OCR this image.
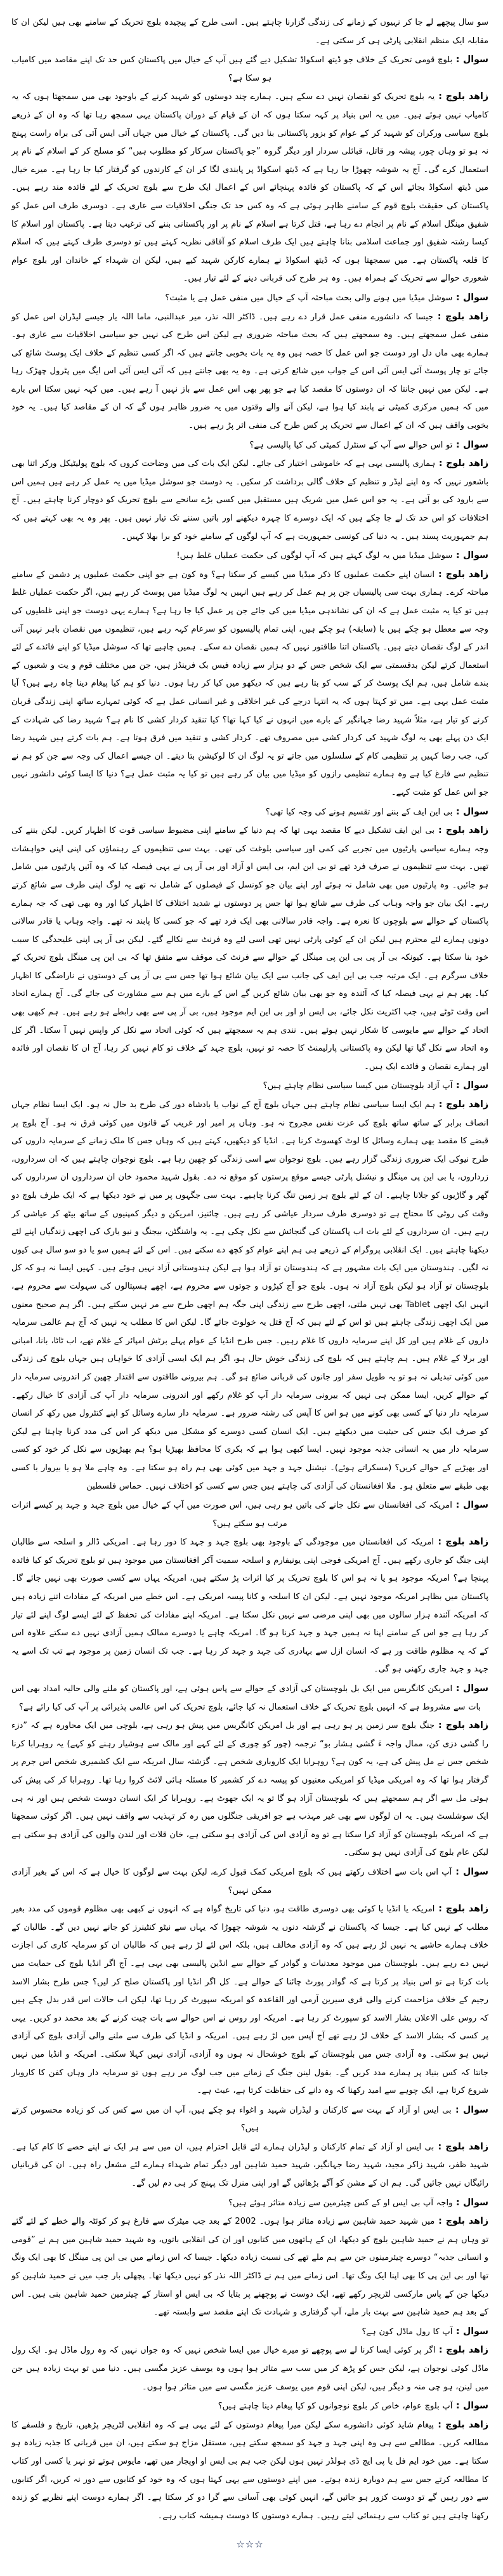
سو سال پیچھے لے جا کر نہیوں کے زمانے کی زندگی گزارنا چاہتے ہیں۔ اسی طرح کے پیچیدہ بلوچ تحریک کے سامنے بھی ہیں لیکن ان کا مقابلہ ایک منظم انقلابی پارٹی ہی کر سکتی ہے۔

سوال : بلوچ قومی تحریک کے خلاف جو ڈیتھ اسکواڈ تشکیل دیے گئے ہیں آپ کے خیال میں پاکستان کس حد تک اپنے مقاصد میں کامیاب ہو سکا ہے؟

زاھد بلوچ : یہ بلوچ تحریک کو نقصان نہیں دے سکے ہیں۔ ہمارے چند دوستوں کو شہید کرنے کے باوجود بھی میں سمجھتا ہوں کہ یہ کامیاب نہیں ہوئے ہیں۔ میں یہ اس بنیاد پر کہہ سکتا ہوں کہ ان کے قیام کے دوران پاکستان یہی سمجھ رہا تھا کہ وہ ان کے ذریعے بلوچ سیاسی ورکران کو شہید کر کے عوام کو بزور پاکستانی بنا دیں گی۔ پاکستان کے خیال میں جہاں آئی ایس آئی کی براہ راست پہنچ نہ ہو تو وہاں چور، پیشہ ور قاتل، قبائلی سردار اور دیگر گروہ ”جو پاکستان سرکار کو مطلوب ہیں“ کو مسلح کر کے اسلام کے نام پر استعمال کرے گی۔ آج یہ شوشہ چھوڑا جا رہا ہے کہ ڈیتھ اسکواڈ پر پابندی لگا کر ان کے کارندوں کو گرفتار کیا جا رہا ہے۔ میرے خیال میں ڈیتھ اسکواڈ بجائے اس کے کہ پاکستان کو فائدہ پہنچائے اس کے اعمال ایک طرح سے بلوچ تحریک کے لئے فائدہ مند رہے ہیں۔ پاکستان کی حقیقت بلوچ قوم کے سامنے ظاہر ہوئی ہے کہ وہ کس حد تک جنگی اخلاقیات سے عاری ہے۔ دوسری طرف اس عمل کو شفیق مینگل اسلام کے نام پر انجام دے رہا ہے، قتل کرتا ہے اسلام کے نام پر اور پاکستانی بننے کی ترغیب دیتا ہے۔ پاکستان اور اسلام کا کیسا رشتہ شفیق اور جماعت اسلامی بنانا چاہتے ہیں ایک طرف اسلام کو آفاقی نظریہ کہتے ہیں تو دوسری طرف کہتے ہیں کہ اسلام کا قلعہ پاکستان ہے۔ میں سمجھتا ہوں کہ ڈیتھ اسکواڈ نے ہمارے کارکن شہید کیے ہیں، لیکن ان شہداء کے خاندان اور بلوچ عوام شعوری حوالے سے تحریک کے ہمراہ ہیں۔ وہ ہر طرح کی قربانی دینے کے لئے تیار ہیں۔

سوال : سوشل میڈیا میں ہونے والی بحث مباحثہ آپ کے خیال میں منفی عمل ہے یا مثبت؟

زاھد بلوچ : جیسا کہ دانشورے منفی عمل قرار دے رہے ہیں۔ ڈاکٹر اللہ نذر، میر عبدالنبی، ماما اللہ یار جیسے لیڈران اس عمل کو منفی عمل سمجھتے ہیں۔ وہ سمجھتے ہیں کہ بحث مباحثہ ضروری ہے لیکن اس طرح کی نہیں جو سیاسی اخلاقیات سے عاری ہو۔ ہمارے بھی ماں دل اور دوست جو اس عمل کا حصہ ہیں وہ یہ بات بخوبی جانتے ہیں کہ اگر کسی تنظیم کے خلاف ایک پوسٹ شائع کی جائے تو چار پوسٹ آئی ایس آئی اس کے جواب میں شائع کرتی ہے۔ وہ یہ بھی جانتے ہیں کہ آئی ایس آئی اس ایگ میں پٹرول چھڑک رہا ہے۔ لیکن میں نہیں جانتا کہ ان دوستوں کا مقصد کیا ہے جو پھر بھی اس عمل سے باز نہیں آ رہے ہیں۔ میں کہہ نہیں سکتا اس بارے میں کہ ہمیں مرکزی کمیٹی نے پابند کیا ہوا ہے، لیکن آنے والے وقتوں میں یہ ضرور ظاہر ہوں گے کہ ان کے مقاصد کیا ہیں۔ یہ خود بخوبی واقف ہیں کہ ان کے اعمال سے تحریک پر کس طرح کی منفی اثر پڑ رہے ہیں۔

سوال : تو اس حوالے سے آپ کے سنٹرل کمیٹی کی کیا پالیسی ہے؟

زاھد بلوچ : ہماری پالیسی یہی ہے کہ خاموشی اختیار کی جائے۔ لیکن ایک بات کی میں وضاحت کروں کہ بلوچ پولیٹیکل ورکر اتنا بھی باشعور نہیں کہ وہ اپنے لیڈر و تنظیم کے خلاف گالی برداشت کر سکیں۔ یہ دوست جو سوشل میڈیا میں یہ عمل کر رہے ہیں ہمیں اس سے بارود کی بو آتی ہے۔ یہ جو اس عمل میں شریک ہیں مستقبل میں کسی بڑے سانحے سے بلوچ تحریک کو دوچار کرنا چاہتے ہیں۔ آج اختلافات کو اس حد تک لے جا چکے ہیں کہ ایک دوسرے کا چہرہ دیکھنے اور باتیں سننے تک تیار نہیں ہیں۔ پھر وہ یہ بھی کہتے ہیں کہ ہم جمہوریت پسند ہیں۔ یہ دنیا کی کونسی جمہوریت ہے کہ آپ لوگوں کے سامنے خود کو برا بھلا کہیں۔

سوال : سوشل میڈیا میں یہ لوگ کہتے ہیں کہ آپ لوگوں کی حکمت عملیاں غلط ہیں!

زاھد بلوچ : انسان اپنے حکمت عملیوں کا ذکر میڈیا میں کیسے کر سکتا ہے؟ وہ کون ہے جو اپنی حکمت عملیوں پر دشمن کے سامنے مباحثہ کرے۔ ہماری بہت سی پالیسیاں جن پر ہم عمل کر رہے ہیں انہیں یہ لوگ میڈیا میں پوسٹ کر رہے ہیں، اگر حکمت عملیاں غلط ہیں تو کیا یہ مثبت عمل ہے کہ ان کی نشاندہی میڈیا میں کی جائے جن پر عمل کیا جا رہا ہے؟ ہمارے یہی دوست جو اپنی غلطیوں کی وجہ سے معطل ہو چکے ہیں یا (سابقہ) ہو چکے ہیں، اپنی تمام پالیسیوں کو سرعام کہہ رہے ہیں، تنظیموں میں نقصان باہر نہیں آتی اندر کے لوگ نقصان دیتے ہیں۔ پاکستان اتنا طاقتور نہیں کہ ہمیں نقصان دے سکے۔ ہمیں چاہیے تھا کہ سوشل میڈیا کو اپنے فائدے کے لئے استعمال کرتے لیکن بدقسمتی سے ایک شخص جس کے دو ہزار سے زیادہ فیس بک فرینڈز ہیں، جن میں مختلف قوم و یت و شعبوں کے بندے شامل ہیں، ہم ایک پوسٹ کر کے سب کو بتا رہے ہیں کہ دیکھو میں کیا کر رہا ہوں۔ دنیا کو ہم کیا پیغام دینا چاہ رہے ہیں؟ آیا مثبت عمل یہی ہے۔ میں تو کہتا ہوں کہ یہ انتہا درجے کی غیر اخلاقی و غیر انسانی عمل ہے کہ کوئی تمہارے ساتھ اپنی زندگی قربان کرنے کو تیار ہے، مثلاً شہید رضا جہانگیر کے بارے میں انہوں نے کیا کہا تھا؟ کیا تنقید کردار کشی کا نام ہے؟ شہید رضا کی شہادت کے ایک دن پہلے بھی یہ لوگ شہید کی کردار کشی میں مصروف تھے۔ کردار کشی و تنقید میں فرق ہوتا ہے۔ ہم بات کرتے ہیں شہید رضا کی، جب رضا کہیں پر تنظیمی کام کے سلسلوں میں جاتے تو یہ لوگ ان کا لوکیشن بتا دیتے۔ ان جیسے اعمال کی وجہ سے جن کو ہم نے تنظیم سے فارغ کیا ہے وہ ہمارے تنظیمی رازوں کو میڈیا میں بیان کر رہے ہیں تو کیا یہ مثبت عمل ہے؟ دنیا کا ایسا کوئی دانشور نہیں جو اس عمل کو مثبت کہے۔

سوال : بی این ایف کے بننے اور تقسیم ہونے کی وجہ کیا تھی؟

زاھد بلوچ : بی این ایف تشکیل دیے کا مقصد یہی تھا کہ ہم دنیا کے سامنے اپنی مضبوط سیاسی قوت کا اظہار کریں۔ لیکن بننے کی وجہ ہمارے سیاسی پارٹیوں میں تجربے کی کمی اور سیاسی بلوغت کی تھی۔ بہت سی تنظیموں کے رہنماؤں کی اپنی اپنی خواہشات تھیں۔ بہت سے تنظیموں نے صرف فرد تھے تو بی این ایم، بی ایس او آزاد اور بی آر پی نے یہی فیصلہ کیا کہ وہ آئیں پارٹیوں میں شامل ہو جائیں۔ وہ پارٹیوں میں بھی شامل نہ ہوئے اور اپنے بیان جو کونسل کے فیصلوں کے شامل نہ تھے یہ لوگ اپنی طرف سے شائع کرتے رہے۔ ایک بیان جو واجہ وہاب کی طرف سے شائع ہوا تھا جس پر دوستوں نے شدید اختلاف کا اظہار کیا اور وہ بھی تھی کہ جہ ہمارے پاکستان کے حوالے سے بلوچوں کا نعرہ ہے۔ واجہ قادر سالانی بھی ایک فرد تھے کہ جو کسی کا پابند نہ تھے۔ واجہ وہاب یا قادر سالانی دونوں ہمارے لئے محترم ہیں لیکن ان کے کوئی پارٹی نہیں تھی اسی لئے وہ فرنٹ سے نکالے گئے۔ لیکن بی آر پی اپنی علیحدگی کا سبب خود بنا سکتا ہے۔ کیونکہ بی آر پی بی این پی مینگل کے حوالے سے فرنٹ کی موقف سے متفق تھا کہ بی این پی مینگل بلوچ تحریک کے خلاف سرگرم ہے۔ ایک مرتبہ جب بی این ایف کی جانب سے ایک بیان شائع ہوا تھا جس سے بی آر پی کے دوستوں نے ناراضگی کا اظہار کیا۔ پھر ہم نے یہی فیصلہ کیا کہ آئندہ وہ جو بھی بیان شائع کریں گے اس کے بارے میں ہم سے مشاورت کی جائے گی۔ آج ہمارے اتحاد اس وقت ٹوٹے ہیں، جب اکثریت نکل جائے، بی ایس او اور بی این ایم موجود ہیں، بی آر پی سے بھی رابطے ہو رہے ہیں۔ ہم کبھی بھی اتحاد کے حوالے سے مایوسی کا شکار نہیں ہوئے ہیں۔ نندی ہم یہ سمجھتے ہیں کہ کوئی اتحاد سے نکل کر واپس نہیں آ سکتا۔ اگر کل وہ اتحاد سے نکل گیا تھا لیکن وہ پاکستانی پارلیمنٹ کا حصہ تو نہیں، بلوچ جہد کے خلاف تو کام نہیں کر رہا، آج ان کا نقصان اور فائدہ اور ہمارے نقصان و فائدے ایک ہیں۔

سوال : آپ آزاد بلوچستان میں کیسا سیاسی نظام چاہتے ہیں؟

زاھد بلوچ : ہم ایک ایسا سیاسی نظام چاہتے ہیں جہاں بلوچ آج کے نواب یا بادشاہ دور کی طرح بد حال نہ ہو۔ ایک ایسا نظام جہاں انصاف برابر کے ساتھ ساتھ بلوچ کی عزت نفس مجروح نہ ہو۔ وہاں پر امیر اور غریب کے قانون میں کوئی فرق نہ ہو۔ آج بلوچ پر قبضے کا مقصد بھی ہمارے وسائل کا لوٹ کھسوٹ کرنا ہے۔ انڈیا کو دیکھیں، کہتے ہیں کہ وہاں جس کا ملک زمانے کے سرمایہ داروں کی طرح نیوکی ایک ضروری زندگی گزار رہے ہیں۔ بلوچ نوجوان سے اسی زندگی کو چھین رہا ہے۔ بلوچ نوجوان چاہتے ہیں کہ ان سرداروں، زرداروں، یا بی این پی مینگل و نیشنل پارٹی جیسے موقع پرستوں کو موقع نہ دے۔ بقول شہید محمود خان ان سرداروں ان سرداروں کی گھر و گاڑیوں کو جلانا چاہیے۔ ان کے لئے بلوچ ہر زمین تنگ کرنا چاہیے۔ بہت سی جگہوں پر میں نے خود دیکھا ہے کہ ایک طرف بلوچ دو وقت کی روٹی کا محتاج ہے تو دوسری طرف سردار عیاشی کر رہے ہیں۔ چائنیز، امریکن و دیگر کمپنیوں کے ساتھ بیٹھ کر عیاشی کر رہے ہیں۔ ان سرداروں کے لئے بات اب پاکستان کی گنجائش سے نکل چکی ہے۔ یہ واشنگٹن، بیجنگ و نیو یارک کی اچھی زندگیاں اپنے لئے دیکھنا چاہتے ہیں۔ ایک انقلابی پروگرام کے ذریعے ہی ہم اپنے عوام کو کچھ دے سکتے ہیں۔ اس کے لئے ہمیں سو یا دو سو سال ہی کیوں نہ لگیں۔ ہندوستان میں ایک بات مشہور ہے کہ ہندوستان تو آزاد ہوا ہے لیکن ہندوستانی آزاد نہیں ہوئے ہیں۔ کہیں ایسا نہ ہو کہ کل بلوچستان تو آزاد ہو لیکن بلوچ آزاد نہ ہوں۔ بلوچ جو آج کپڑوں و جوتوں سے محروم ہے، اچھے ہسپتالوں کی سہولت سے محروم ہے، انہیں ایک اچھی Tablet بھی نہیں ملتی، اچھی طرح سے زندگی اپنی جگہ ہم اچھی طرح سے مر نہیں سکتے ہیں۔ اگر ہم صحیح معنوں میں ایک اچھی زندگی چاہتے ہیں تو اس کے لئے ہیں کہ آج قتل یہ خولوٹ جائے گا۔ لیکن اس کا مطلب یہ نہیں کہ آج ہم عالمی سرمایہ داروں کے غلام ہیں اور کل اپنے سرمایہ داروں کا غلام رہیں۔ جس طرح انڈیا کے عوام پہلے برٹش امپائر کے غلام تھے، اب ٹاٹا، بانا، امبانی اور برلا کے غلام ہیں۔ ہم چاہتے ہیں کہ بلوچ کی زندگی خوش حال ہو، اگر ہم ایک ایسی آزادی کا خواہاں ہیں جہاں بلوچ کی زندگی میں کوئی تبدیلی نہ ہو تو یہ طویل سفر اور جانوں کی قربانی ضائع ہو گی۔ ہم بیرونی طاقتوں سے اقتدار چھین کر اندرونی سرمایہ دار کے حوالے کریں، ایسا ممکن ہی نہیں کہ بیرونی سرمایہ دار آپ کو غلام رکھے اور اندرونی سرمایہ دار آپ کی آزادی کا خیال رکھے۔ سرمایہ دار دنیا کے کسی بھی کونے میں ہو اس کا آپس کی رشتہ ضرور ہے۔ سرمایہ دار سارے وسائل کو اپنے کنٹرول میں رکھ کر انسان کو صرف ایک جنس کی حیثیت میں دیکھتے ہیں۔ ایک انسان کسی دوسرے کو مشکل میں دیکھ کر اس کی مدد کرنا چاہتا ہے لیکن سرمایہ دار میں یہ انسانی جذبہ موجود نہیں۔ ایسا کبھی ہوا ہے کہ بکری کا محافظ بھیڑیا ہو؟ ہم بھیڑیوں سے نکل کر خود کو کسی اور بھیڑیے کے حوالے کریں؟ (مسکراتے ہوئے)۔ نیشنل جہد و جہد میں کوئی بھی ہم راہ ہو سکتا ہے۔ وہ چاہے ملا ہو یا بیروار با کسی بھی طبقے سے متعلق ہو۔ ملا افغانستان کی آزادی کی چاہتے ہیں جس سے کسی کو اختلاف نہیں۔ حماس فلسطین

سوال : امریکہ کی افغانستان سے نکل جانے کی باتیں ہو رہی ہیں، اس صورت میں آپ کے خیال میں بلوچ جہد و جہد پر کیسے اثرات مرتب ہو سکتے ہیں؟

زاھد بلوچ : امریکہ کی افغانستان میں موجودگی کے باوجود بھی بلوچ جہد و جہد کا دور رہا ہے۔ امریکی ڈالر و اسلحہ سے طالبان اپنی جنگ کو جاری رکھے ہیں۔ آج امریکی فوجی اپنی یونیفارم و اسلحہ سمیت آکر افغانستان میں موجود ہیں تو بلوچ تحریک کو کیا فائدہ پہنچا ہے؟ امریکہ موجود ہو یا نہ ہو اس کا بلوچ تحریک پر کیا اثرات پڑ سکتے ہیں، امریکہ یہاں سے کسی صورت بھی نہیں جائے گا۔ پاکستان میں بظاہر امریکہ موجود نہیں ہے۔ لیکن ان کا اسلحہ و کانا پیسہ امریکی ہے۔ اس خطے میں امریکہ کے مفادات اتنے زیادہ ہیں کہ امریکہ آئندہ ہزار سالوں میں بھی اپنی مرضی سے نہیں نکل سکتا ہے۔ امریکہ اپنے مفادات کی تحفظ کے لئے ایسے لوگ اپنے لئے تیار کر رہا ہے جو اس کے سامنے اپنا نہ ہمیں جہد و جہد کرنا ہو گا۔ امریکہ چاہے یا دوسرے ممالک ہمیں آزادی نہیں دے سکتے علاوہ اس کے کہ یہ مظلوم طاقت ور ہے کہ انسان ازل سے بہادری کی جہد و جہد کر رہا ہے۔ جب تک انسان زمین پر موجود ہے تب تک اسے یہ جہد و جہد جاری رکھنی ہو گی۔

سوال : امریکن کانگریس میں ایک بل بلوچستان کی آزادی کے حوالے سے پاس ہوئی ہے، اور پاکستان کو ملنے والی حالیہ امداد بھی اس بات سے مشروط ہے کہ انہیں بلوچ تحریک کے خلاف استعمال نہ کیا جائے، بلوچ تحریک کی اس عالمی پذیرائی پر آپ کی کیا رائے ہے؟

زاھد بلوچ : جنگ بلوچ سر زمین پر ہو رہی ہے اور بل امریکن کانگریس میں پیش ہو رہی ہے، بلوچی میں ایک محاورہ ہے کہ ”دزء را گشی دزی کن، ممال واجہ ءَ گشی ہشار بو“ ترجمہ (چور کو چوری کے لئے کہے اور مالک سے ہوشیار رہنے کو کہے) یہ روہرابا کرنا شخص جس نے مل پیش کی ہے، یہ کون ہے؟ روہرابا ایک کاروباری شخص ہے۔ گزشتہ سال امریکہ سے ایک کشمیری شخص اس جرم پر گرفتار ہوا تھا کہ وہ امریکی میڈیا کو امریکی معنیوں کو پیسہ دے کر کشمیر کا مسئلہ ہائی لائٹ کروا رہا تھا۔ روہرابا کر کی پیش کی ہوئی مل سے اگر ہم سمجھتے ہیں کہ بلوچستان آزاد ہو گا تو یہ ایک جھوٹ ہے۔ روہرابا کر ایک انسان دوست شخص ہیں اور نہ ہی ایک سوشلسٹ ہیں۔ یہ ان لوگوں سے بھی غیر مہذب ہے جو افریقی جنگلوں میں رہ کر تہذیب سے واقف نہیں ہیں۔ اگر کوئی سمجھتا ہے کہ امریکہ بلوچستان کو آزاد کرا سکتا ہے تو وہ آزادی اس کی آزادی ہو سکتی ہے، خان قلات اور لندن والوں کی آزادی ہو سکتی ہے لیکن عام بلوچ کی آزادی نہیں ہو سکتی۔

سوال : آپ اس بات سے اختلاف رکھتے ہیں کہ بلوچ امریکی کمک قبول کرے، لیکن بہت سے لوگوں کا خیال ہے کہ اس کے بغیر آزادی ممکن نہیں؟

زاھد بلوچ : امریکہ یا انڈیا یا کوئی بھی دوسری طاقت ہو، دنیا کی تاریخ گواہ ہے کہ انہوں نے کبھی بھی مظلوم قوموں کی مدد بغیر مطلب کے نہیں کیا ہے۔ جیسا کہ پاکستان نے گزشتہ دنوں یہ شوشہ چھوڑا کہ یہاں سے نیٹو کنٹینرز کو جانے نہیں دیں گے۔ طالبان کے خلاف ہمارے حاشیے یہ نہیں لڑ رہے ہیں کہ وہ آزادی مخالف ہیں، بلکہ اس لئے لڑ رہے ہیں کہ طالبان ان کو سرمایہ کاری کی اجازت نہیں دے رہے ہیں۔ بلوچستان میں موجود معدنیات و گوادر کے حوالے سے انڈین پالیسی بھی یہی ہے۔ آج اگر انڈیا بلوچ کی حمایت میں بات کرتا ہے تو اس بنیاد پر کرتا ہے کہ گوادر پورٹ چائنا کے حوالے ہے۔ کل اگر انڈیا اور پاکستان صلح کر لیں؟ جس طرح بشار الاسد رجیم کے خلاف مزاحمت کرنے والی فری سیرین آرمی اور القاعدہ کو امریکہ سپورٹ کر رہا تھا، لیکن اب حالات اس قدر بدل چکے ہیں کہ روس علی الاعلان بشار الاسد کو سپورٹ کر رہا ہے۔ امریکہ اور روس نے اس حوالے سے بات چیت کرنے کے بعد محمد دو کریں۔ یہی پر کسی کہ بشار الاسد کے خلاف لڑ رہے تھے آج آپس میں لڑ رہے ہیں۔ امریکہ و انڈیا کی طرف سے ملنے والی آزادی بلوچ کی آزادی نہیں ہو سکتی۔ وہ آزادی جس میں بلوچستان کے بلوچ خوشحال نہ ہوں وہ آزادی، آزادی نہیں کہلا سکتی۔ امریکہ و انڈیا میں نہیں جانتا کہ کس بنیاد پر ہمارے مدد کریں گے۔ بقول لینن جنگ کے زمانے میں جب لوگ مر رہے ہوں تو سرمایہ دار وہاں کفن کا کاروبار شروع کرتا ہے، ایک چوہے سے امید رکھنا کہ وہ دانے کی حفاظت کرتا ہے، عبث ہے۔

سوال : بی ایس او آزاد کے بہت سے کارکنان و لیڈران شہید و اغواء ہو چکے ہیں، آپ ان میں سے کس کی کو زیادہ محسوس کرتے ہیں؟

زاھد بلوچ : بی ایس او آزاد کے تمام کارکنان و لیڈران ہمارے لئے قابل احترام ہیں، ان میں سے ہر ایک نے اپنے حصے کا کام کیا ہے۔ شہید ظفر، شہید زاکر مجید، شہید رضا جہانگیر، شہید حمید شاہین اور دیگر تمام شہداء ہمارے لئے مشعل راہ ہیں۔ ان کی قربانیاں رائیگاں نہیں جائیں گی۔ ہم ان کے مشن کو آگے بڑھائیں گے اور اپنی منزل تک پہنچ کر ہی دم لیں گے۔

سوال : واجہ آپ بی ایس او کے کس چیئرمین سے زیادہ متاثر ہوئے ہیں؟

زاھد بلوچ : میں شہید حمید شاہین سے زیادہ متاثر ہوا ہوں۔ 2002 کے بعد جب میٹرک سے فارغ ہو کر کوئٹہ والے خطے کے لئے گئے تو وہاں ہم نے حمید شاہین بلوچ کو دیکھا، ان کے ہاتھوں میں کتابوں اور ان کی انقلابی باتوں، وہ شہید حمید شاہین میں ہم نے ”قومی و انسانی جذبہ“ دوسرے چیئرمینوں جن سے ہم ملے تھے کی نسبت زیادہ دیکھا۔ جیسا کہ اس زمانے میں بی این پی مینگل کا بھی ایک ونگ تھا اور بی این پی کا بھی اپنا ایک ونگ تھا۔ اس زمانے میں ہم نے ڈاکٹر اللہ نذر کو نہیں دیکھا تھا۔ پچھلی بار جب میں نے حمید شاہین کو دیکھا جن کے پاس مارکسی لٹریچر رکھے تھے، ایک دوست نے پوچھنے پر بتایا کہ بی ایس او استار کے چیئرمین حمید شاہین بنی ہیں۔ اس کے بعد ہم حمید شاہین سے بہت بار ملے، آپ گرفتاری و شہادت تک اپنے مقصد سے وابستہ تھے۔

سوال : آپ کا رول ماڈل کون ہے؟

زاھد بلوچ : اگر پر کوئی ایسا کرنا لے سے پوچھے تو میرے خیال میں ایسا شخص نہیں کہ وہ جواں نہیں کہ وہ رول ماڈل ہو۔ ایک رول ماڈل کوئی نوجوان ہے، لیکن جس کو پڑھ کر میں سب سے متاثر ہوا ہوں وہ یوسف عزیز مگسی ہیں۔ دنیا میں تو بہت زیادہ ہیں جن میں لینن، ہو چی منہ و دیگر ہیں، لیکن اپنی قوم میں یوسف عزیز مگسی سے میں متاثر ہوا ہوں۔

سوال : آپ بلوچ عوام، خاص کر بلوچ نوجوانوں کو کیا پیغام دینا چاہتے ہیں؟

زاھد بلوچ : پیغام شاید کوئی دانشورے سکے لیکن میرا پیغام دوستوں کے لئے یہی ہے کہ وہ انقلابی لٹریچر پڑھیں، تاریخ و فلسفے کا مطالعہ کریں۔ مطالعے سے ہی وہ اپنی جہد و جہد کو سمجھ سکتے ہیں، مستقل مزاج ہو سکتے ہیں، ان میں قربانی کا جذبہ زیادہ ہو سکتا ہے۔ میں خود ایم فل یا پی ایچ ڈی ہولڈر نہیں ہوں لیکن جب ہم بی ایس او اوپجار میں تھے، مایوس ہوتے تو نہر یا کسی اور کتاب کا مطالعہ کرتے جس سے ہم دوبارہ زندہ ہوتے۔ میں اپنے دوستوں سے یہی کہتا ہوں کہ وہ خود کو کتابوں سے دور نہ کریں، اگر کتابوں سے دور رہیں گے تو دوست کزور ہو جائیں گے، انہیں کوئی بھی آسانی سے گرا دو کر سکتا ہے۔ اگر ہمارے دوست اپنے نظریے کو زندہ رکھنا چاہتے ہیں تو کتاب سے رہنمائی لیتے رہیں۔ ہمارے دوستوں کا دوست ہمیشہ کتاب رہے۔

☆☆☆
